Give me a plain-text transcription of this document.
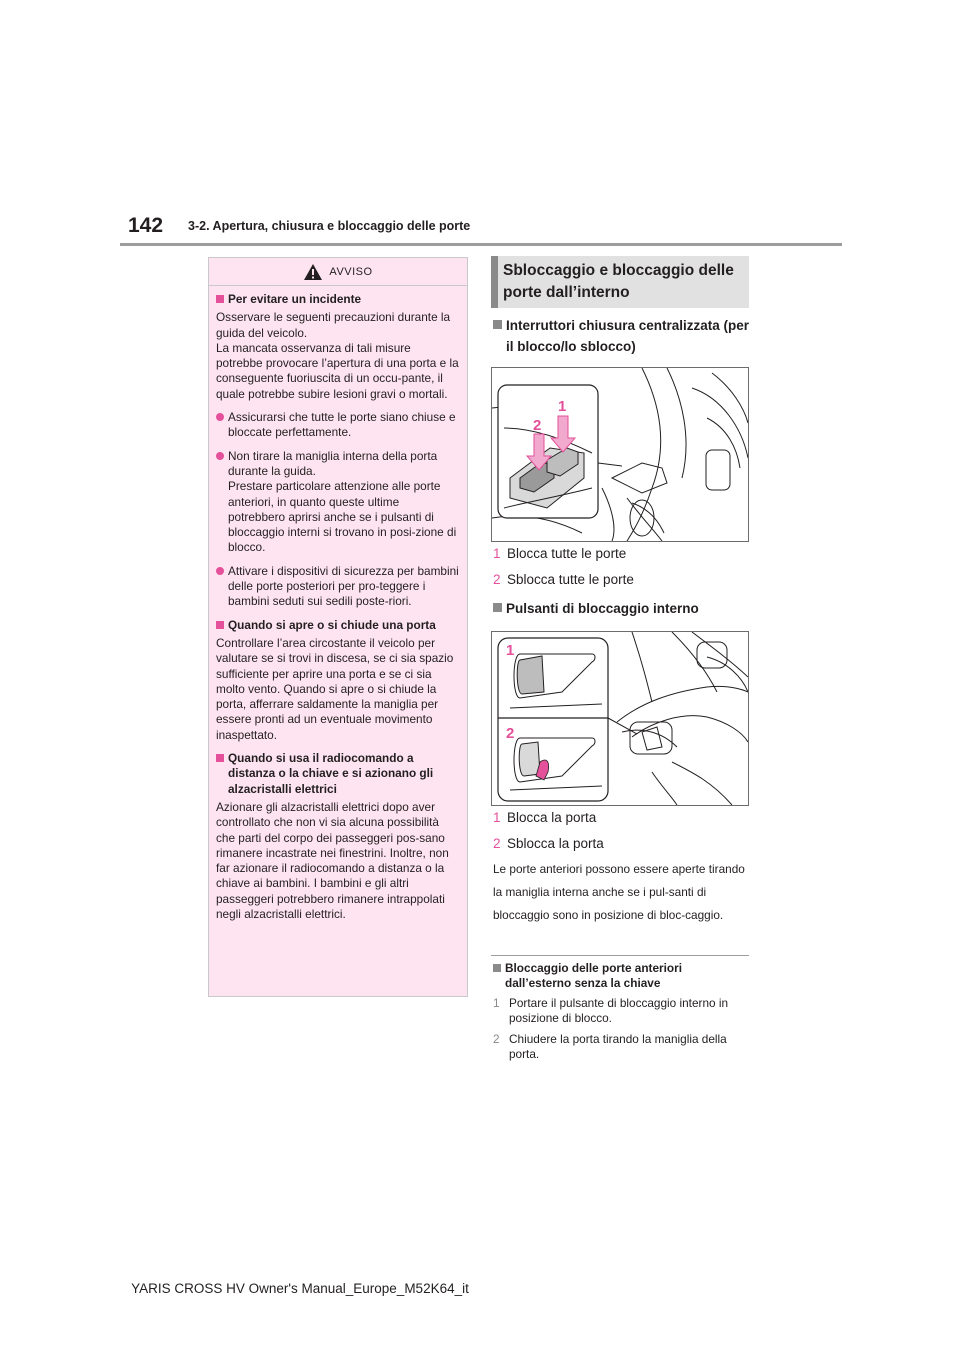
142 3-2. Apertura, chiusura e bloccaggio delle porte
AVVISO
Per evitare un incidente
Osservare le seguenti precauzioni durante la guida del veicolo.
La mancata osservanza di tali misure potrebbe provocare l’apertura di una porta e la conseguente fuoriuscita di un occu-pante, il quale potrebbe subire lesioni gravi o mortali.
Assicurarsi che tutte le porte siano chiuse e bloccate perfettamente.
Non tirare la maniglia interna della porta durante la guida.
Prestare particolare attenzione alle porte anteriori, in quanto queste ultime potrebbero aprirsi anche se i pulsanti di bloccaggio interni si trovano in posi-zione di blocco.
Attivare i dispositivi di sicurezza per bambini delle porte posteriori per pro-teggere i bambini seduti sui sedili poste-riori.
Quando si apre o si chiude una porta
Controllare l’area circostante il veicolo per valutare se si trovi in discesa, se ci sia spazio sufficiente per aprire una porta e se ci sia molto vento. Quando si apre o si chiude la porta, afferrare saldamente la maniglia per essere pronti ad un eventuale movimento inaspettato.
Quando si usa il radiocomando a distanza o la chiave e si azionano gli alzacristalli elettrici
Azionare gli alzacristalli elettrici dopo aver controllato che non vi sia alcuna possibilità che parti del corpo dei passeggeri pos-sano rimanere incastrate nei finestrini. Inoltre, non far azionare il radiocomando a distanza o la chiave ai bambini. I bambini e gli altri passeggeri potrebbero rimanere intrappolati negli alzacristalli elettrici.
Sbloccaggio e bloccaggio delle porte dall’interno
Interruttori chiusura centralizzata (per il blocco/lo sblocco)
1
2
1 Blocca tutte le porte
2 Sblocca tutte le porte
Pulsanti di bloccaggio interno
1
2
1 Blocca la porta
2 Sblocca la porta
Le porte anteriori possono essere aperte tirando la maniglia interna anche se i pul-santi di bloccaggio sono in posizione di bloc-caggio.
Bloccaggio delle porte anteriori dall’esterno senza la chiave
1 Portare il pulsante di bloccaggio interno in posizione di blocco.
2 Chiudere la porta tirando la maniglia della porta.
YARIS CROSS HV Owner's Manual_Europe_M52K64_it
